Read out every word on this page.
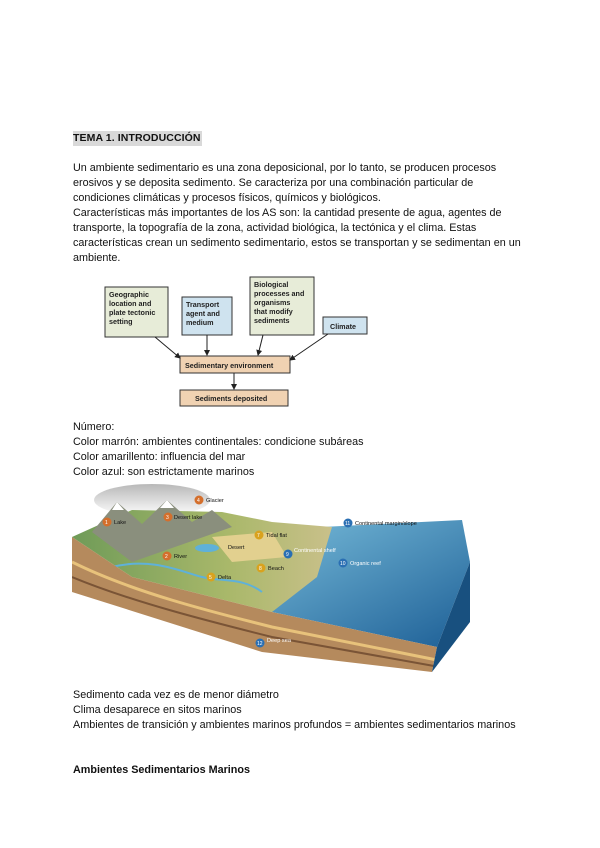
TEMA 1. INTRODUCCIÓN

Un ambiente sedimentario es una zona deposicional, por lo tanto, se producen procesos erosivos y se deposita sedimento. Se caracteriza por una combinación particular de condiciones climáticas y procesos físicos, químicos y biológicos.

Características más importantes de los AS son: la cantidad presente de agua, agentes de transporte, la topografía de la zona, actividad biológica, la tectónica y el clima. Estas características crean un sedimento sedimentario, estos se transportan y se sedimentan en un ambiente.

Geographic
location and
plate tectonic
setting
Transport
agent and
medium
Biological
processes and
organisms
that modify
sediments
Climate
Sedimentary environment
Sediments deposited

Número:

Color marrón: ambientes continentales: condicione subáreas

Color amarillento: influencia del mar

Color azul: son estrictamente marinos

4 Glacier
3 Desert lake
1 Lake
Desert
7 Tidal flat
2 River
11 Continental margin/slope
9
Continental shelf
10 Organic reef
8 Beach
5 Delta
12 Deep sea

Sedimento cada vez es de menor diámetro

Clima desaparece en sitos marinos

Ambientes de transición y ambientes marinos profundos = ambientes sedimentarios marinos

Ambientes Sedimentarios Marinos
